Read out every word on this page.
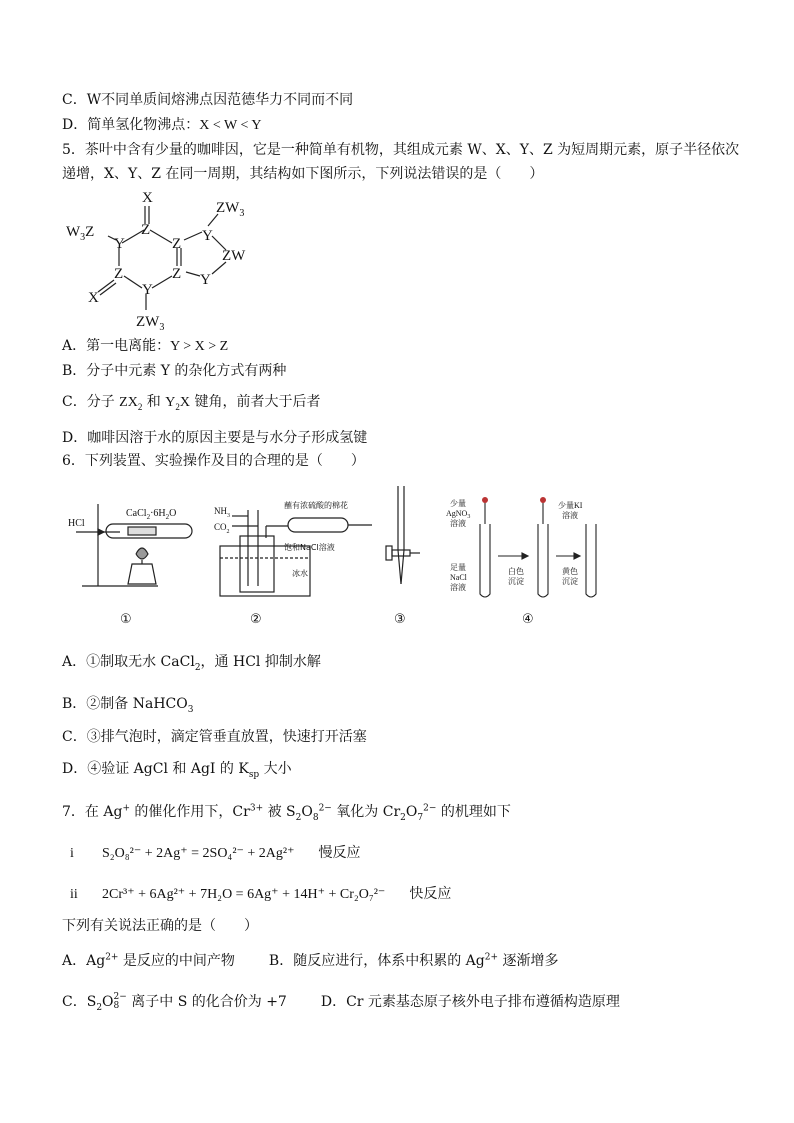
C．W不同单质间熔沸点因范德华力不同而不同
D．简单氢化物沸点：X < W < Y
5．茶叶中含有少量的咖啡因，它是一种简单有机物，其组成元素 W、X、Y、Z 为短周期元素，原子半径依次
递增，X、Y、Z 在同一周期，其结构如下图所示，下列说法错误的是（　　）
X
Z
Y	Z Y
Z	Z
Y
Y
X
$W_3Z$
$ZW_3$
ZW
$ZW_3$
A．第一电离能：Y > X > Z
B．分子中元素 Y 的杂化方式有两种
C．分子 $ZX_2$ 和 $Y_2X$ 键角，前者大于后者
D．咖啡因溶于水的原因主要是与水分子形成氢键
6．下列装置、实验操作及目的合理的是（　　）
HCl
$CaCl_2\cdot 6H_2O$
①
$NH_3$
$CO_2$
蘸有浓硫酸的棉花
饱和NaCl溶液
冰水
②	③
少量
AgNO$_3$
溶液
少量KI
溶液
足量
NaCl
溶液
白色
沉淀
黄色
沉淀
④
A．①制取无水 CaCl$_2$，通 HCl 抑制水解
B．②制备 NaHCO$_3$
C．③排气泡时，滴定管垂直放置，快速打开活塞
D．④验证 AgCl 和 AgI 的 $K_{sp}$ 大小
7．在 Ag+ 的催化作用下，$Cr^{3+}$ 被 $S_2O_8^{2-}$ 氧化为 $Cr_2O_7^{2-}$ 的机理如下
i S₂O₈²⁻ + 2Ag⁺ = 2SO₄²⁻ + 2Ag²⁺ 慢反应
ii 2Cr³⁺ + 6Ag²⁺ + 7H₂O = 6Ag⁺ + 14H⁺ + Cr₂O₇²⁻ 快反应
下列有关说法正确的是（　　）
A．$Ag^{2+}$ 是反应的中间产物 B．随反应进行，体系中积累的 $Ag^{2+}$ 逐渐增多
C．$S_2O$ 2−
8 离子中 S 的化合价为 +7 D．Cr 元素基态原子核外电子排布遵循构造原理
